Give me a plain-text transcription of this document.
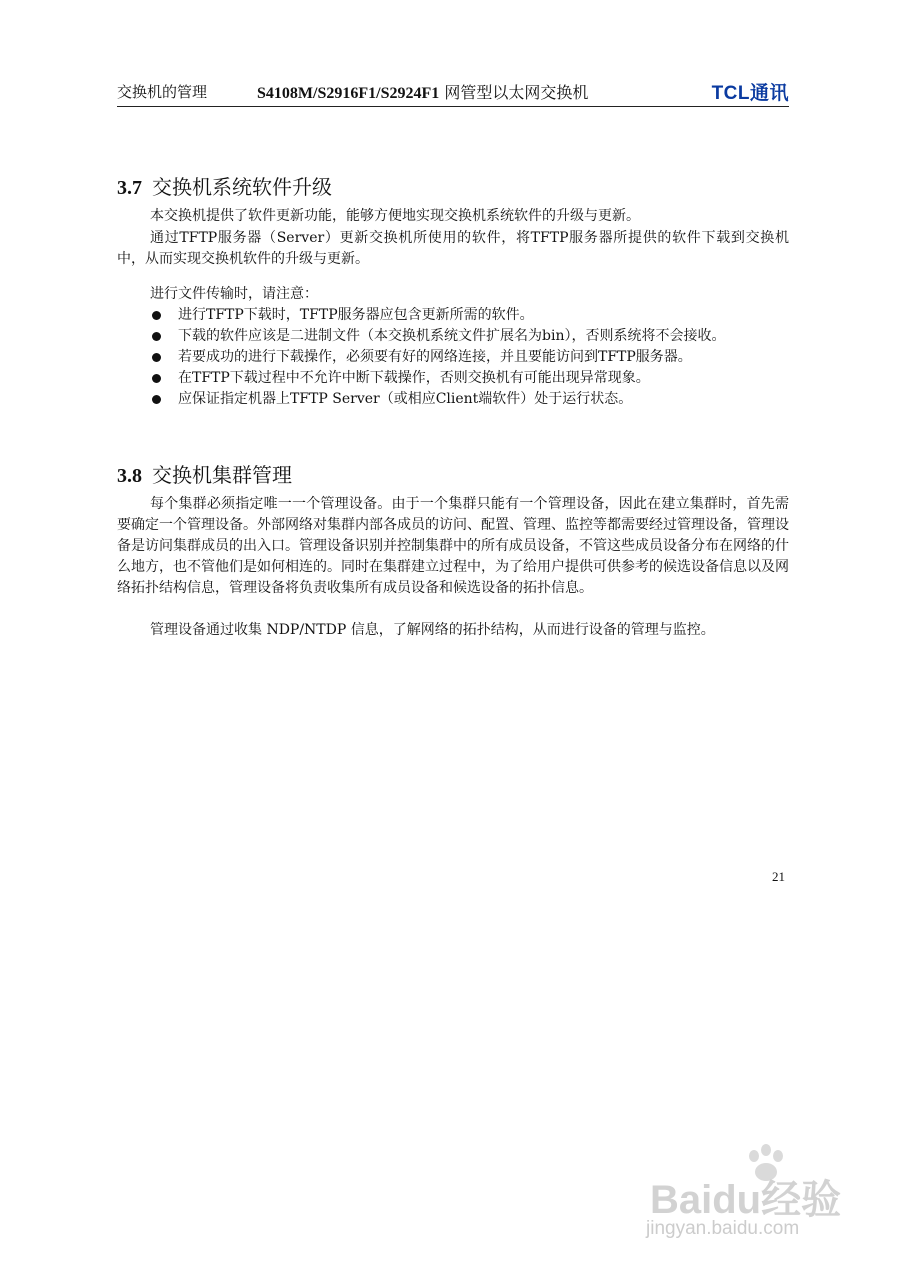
交换机的管理	S4108M/S2916F1/S2924F1 网管型以太网交换机	TCL通讯
3.7 交换机系统软件升级
本交换机提供了软件更新功能，能够方便地实现交换机系统软件的升级与更新。
通过TFTP服务器（Server）更新交换机所使用的软件，将TFTP服务器所提供的软件下载到交换机中，从而实现交换机软件的升级与更新。
进行文件传输时，请注意：
进行TFTP下载时，TFTP服务器应包含更新所需的软件。
下载的软件应该是二进制文件（本交换机系统文件扩展名为bin），否则系统将不会接收。
若要成功的进行下载操作，必须要有好的网络连接，并且要能访问到TFTP服务器。
在TFTP下载过程中不允许中断下载操作，否则交换机有可能出现异常现象。
应保证指定机器上TFTP Server（或相应Client端软件）处于运行状态。
3.8 交换机集群管理
每个集群必须指定唯一一个管理设备。由于一个集群只能有一个管理设备，因此在建立集群时，首先需要确定一个管理设备。外部网络对集群内部各成员的访问、配置、管理、监控等都需要经过管理设备，管理设备是访问集群成员的出入口。管理设备识别并控制集群中的所有成员设备，不管这些成员设备分布在网络的什么地方，也不管他们是如何相连的。同时在集群建立过程中，为了给用户提供可供参考的候选设备信息以及网络拓扑结构信息，管理设备将负责收集所有成员设备和候选设备的拓扑信息。
管理设备通过收集 NDP/NTDP 信息，了解网络的拓扑结构，从而进行设备的管理与监控。
21
Baidu经验
jingyan.baidu.com
